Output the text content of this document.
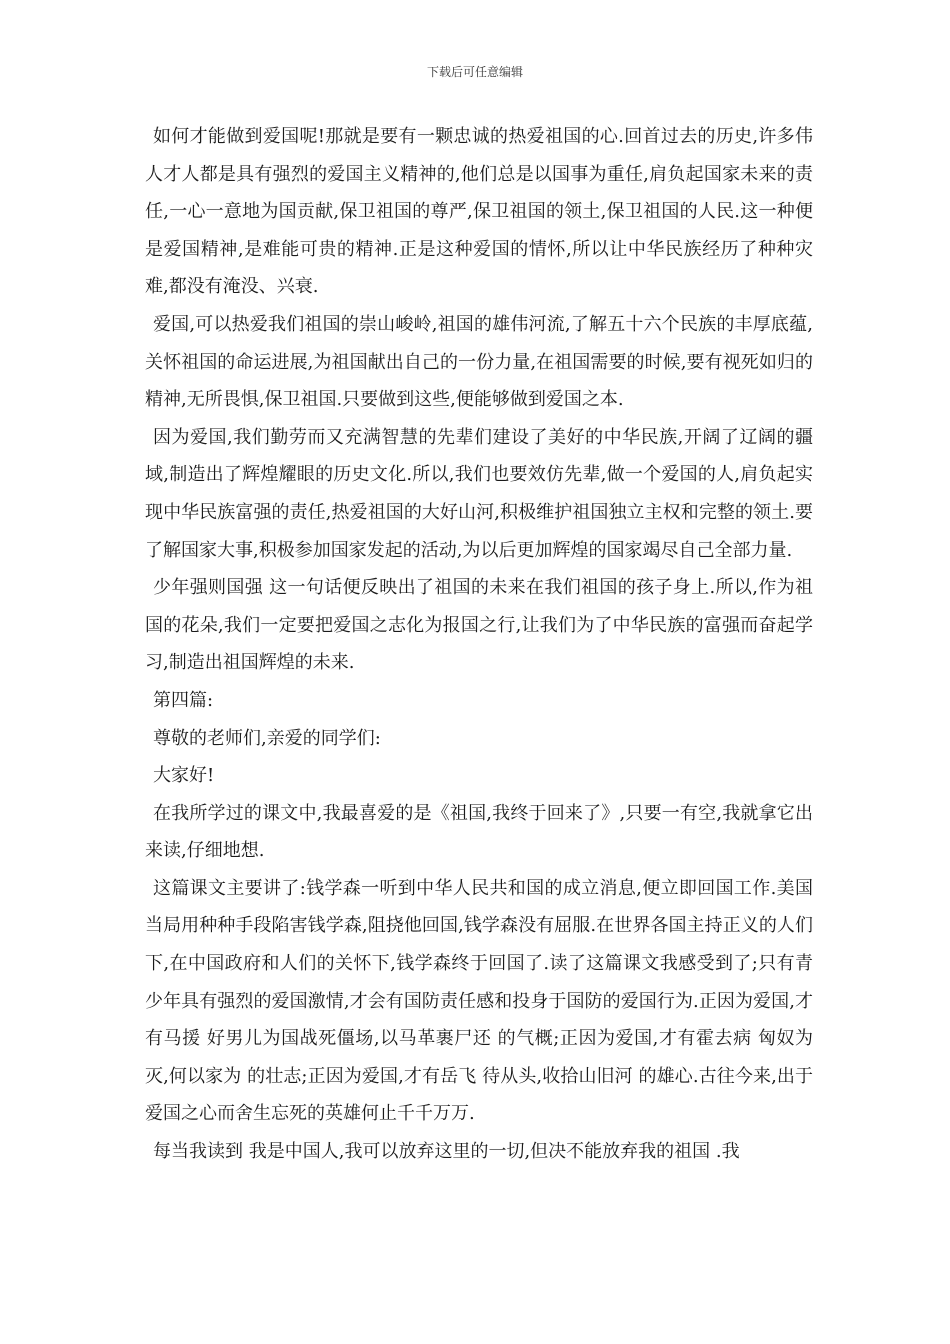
下载后可任意编辑

如何才能做到爱国呢!那就是要有一颗忠诚的热爱祖国的心.回首过去的历史,许多伟人才人都是具有强烈的爱国主义精神的,他们总是以国事为重任,肩负起国家未来的责任,一心一意地为国贡献,保卫祖国的尊严,保卫祖国的领土,保卫祖国的人民.这一种便是爱国精神,是难能可贵的精神.正是这种爱国的情怀,所以让中华民族经历了种种灾难,都没有淹没、兴衰.

爱国,可以热爱我们祖国的崇山峻岭,祖国的雄伟河流,了解五十六个民族的丰厚底蕴,关怀祖国的命运进展,为祖国献出自己的一份力量,在祖国需要的时候,要有视死如归的精神,无所畏惧,保卫祖国.只要做到这些,便能够做到爱国之本.

因为爱国,我们勤劳而又充满智慧的先辈们建设了美好的中华民族,开阔了辽阔的疆域,制造出了辉煌耀眼的历史文化.所以,我们也要效仿先辈,做一个爱国的人,肩负起实现中华民族富强的责任,热爱祖国的大好山河,积极维护祖国独立主权和完整的领土.要了解国家大事,积极参加国家发起的活动,为以后更加辉煌的国家竭尽自己全部力量.

少年强则国强 这一句话便反映出了祖国的未来在我们祖国的孩子身上.所以,作为祖国的花朵,我们一定要把爱国之志化为报国之行,让我们为了中华民族的富强而奋起学习,制造出祖国辉煌的未来.

第四篇:

尊敬的老师们,亲爱的同学们:

大家好!

在我所学过的课文中,我最喜爱的是《祖国,我终于回来了》,只要一有空,我就拿它出来读,仔细地想.

这篇课文主要讲了:钱学森一听到中华人民共和国的成立消息,便立即回国工作.美国当局用种种手段陷害钱学森,阻挠他回国,钱学森没有屈服.在世界各国主持正义的人们下,在中国政府和人们的关怀下,钱学森终于回国了.读了这篇课文我感受到了;只有青少年具有强烈的爱国激情,才会有国防责任感和投身于国防的爱国行为.正因为爱国,才有马援 好男儿为国战死僵场,以马革裹尸还 的气概;正因为爱国,才有霍去病 匈奴为灭,何以家为 的壮志;正因为爱国,才有岳飞 待从头,收拾山旧河 的雄心.古往今来,出于爱国之心而舍生忘死的英雄何止千千万万.

每当我读到 我是中国人,我可以放弃这里的一切,但决不能放弃我的祖国 .我
